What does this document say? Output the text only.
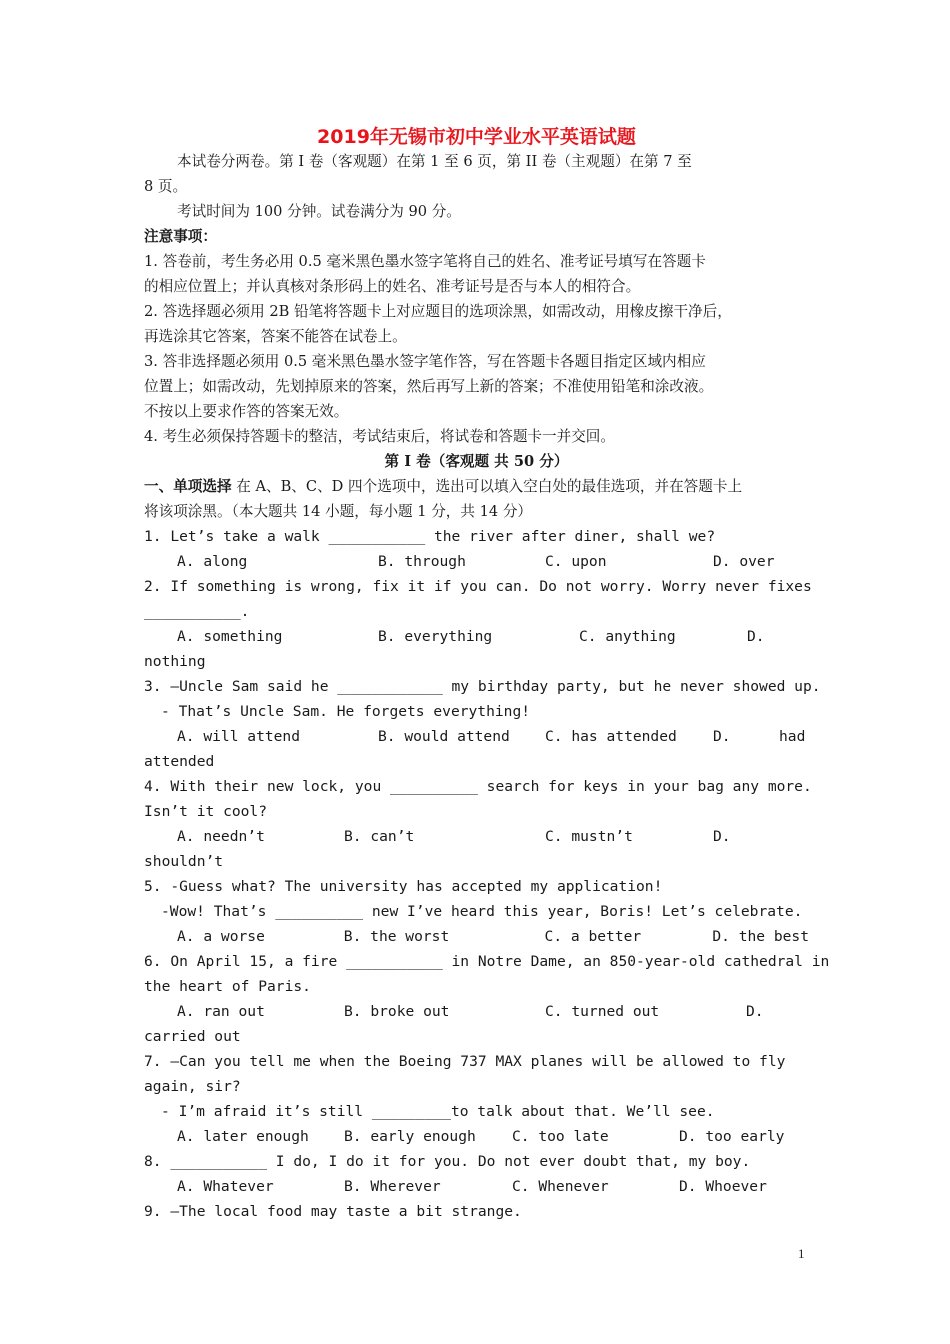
2019年无锡市初中学业水平英语试题
本试卷分两卷。第 I 卷（客观题）在第 1 至 6 页，第 II 卷（主观题）在第 7 至
8 页。
考试时间为 100 分钟。试卷满分为 90 分。
注意事项：
1. 答卷前，考生务必用 0.5 毫米黑色墨水签字笔将自己的姓名、准考证号填写在答题卡
的相应位置上；并认真核对条形码上的姓名、准考证号是否与本人的相符合。
2. 答选择题必须用 2B 铅笔将答题卡上对应题目的选项涂黑，如需改动，用橡皮擦干净后，
再选涂其它答案，答案不能答在试卷上。
3. 答非选择题必须用 0.5 毫米黑色墨水签字笔作答，写在答题卡各题目指定区域内相应
位置上；如需改动，先划掉原来的答案，然后再写上新的答案；不准使用铅笔和涂改液。
不按以上要求作答的答案无效。
4. 考生必须保持答题卡的整洁，考试结束后，将试卷和答题卡一并交回。
第 I 卷（客观题 共 50 分）
一、单项选择 在 A、B、C、D 四个选项中，选出可以填入空白处的最佳选项，并在答题卡上
将该项涂黑。（本大题共 14 小题，每小题 1 分，共 14 分）
1. Let’s take a walk ___________ the river after diner, shall we?
A. along	B. through	C. upon	D. over
2. If something is wrong, fix it if you can. Do not worry. Worry never fixes
___________.
A. something	B. everything	C. anything	D.
nothing
3. –Uncle Sam said he ____________ my birthday party, but he never showed up.
- That’s Uncle Sam. He forgets everything!
A. will attend	B. would attend	C. has attended	D.	had
attended
4. With their new lock, you __________ search for keys in your bag any more.
Isn’t it cool?
A. needn’t	B. can’t	C. mustn’t	D.
shouldn’t
5. -Guess what? The university has accepted my application!
-Wow! That’s __________ new I’ve heard this year, Boris! Let’s celebrate.
A. a worse	B. the worst	C. a better	D. the best
6. On April 15, a fire ___________ in Notre Dame, an 850-year-old cathedral in
the heart of Paris.
A. ran out	B. broke out	C. turned out	D.
carried out
7. –Can you tell me when the Boeing 737 MAX planes will be allowed to fly
again, sir?
- I’m afraid it’s still _________to talk about that. We’ll see.
A. later enough	B. early enough	C. too late	D. too early
8. ___________ I do, I do it for you. Do not ever doubt that, my boy.
A. Whatever	B. Wherever	C. Whenever	D. Whoever
9. –The local food may taste a bit strange.
1
